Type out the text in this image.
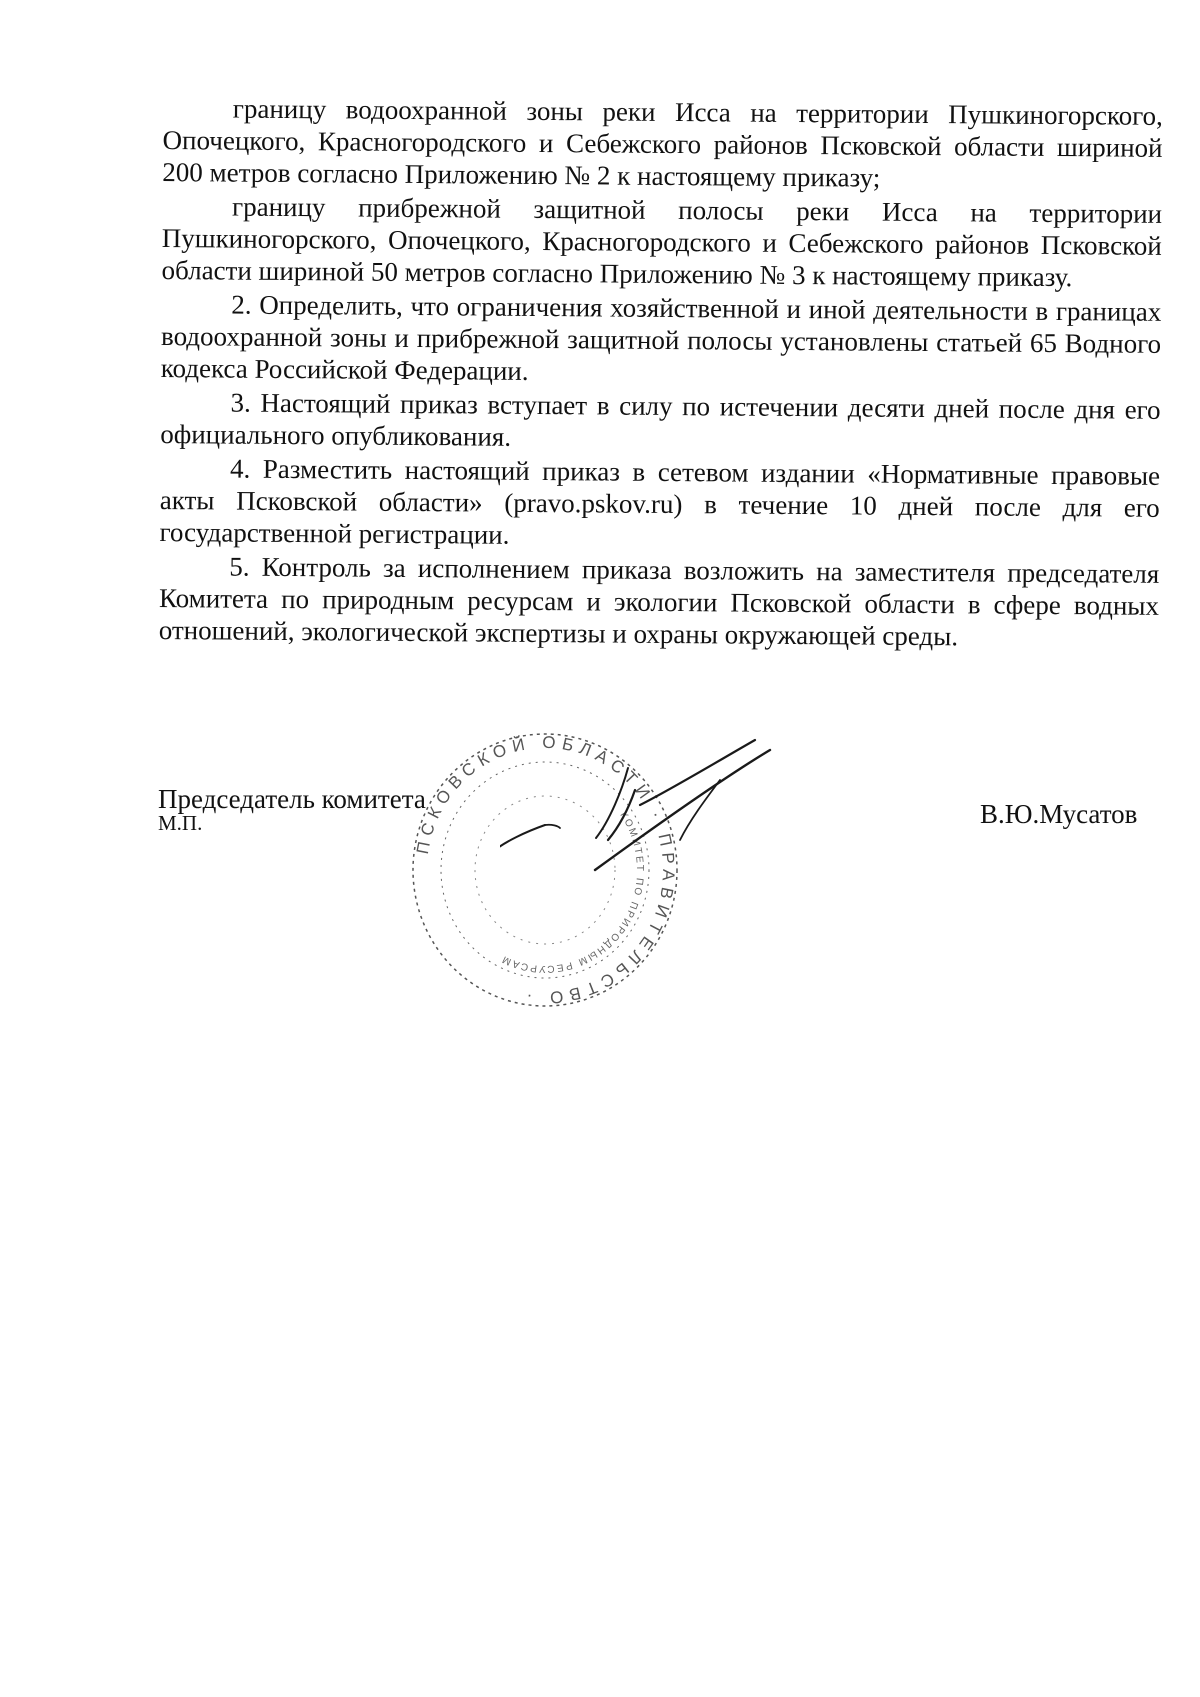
границу водоохранной зоны реки Исса на территории Пушкиногорского, Опочецкого, Красногородского и Себежского районов Псковской области шириной 200 метров согласно Приложению № 2 к настоящему приказу;

границу прибрежной защитной полосы реки Исса на территории Пушкиногорского, Опочецкого, Красногородского и Себежского районов Псковской области шириной 50 метров согласно Приложению № 3 к настоящему приказу.

2. Определить, что ограничения хозяйственной и иной деятельности в границах водоохранной зоны и прибрежной защитной полосы установлены статьей 65 Водного кодекса Российской Федерации.

3. Настоящий приказ вступает в силу по истечении десяти дней после дня его официального опубликования.

4. Разместить настоящий приказ в сетевом издании «Нормативные правовые акты Псковской области» (pravo.pskov.ru) в течение 10 дней после для его государственной регистрации.

5. Контроль за исполнением приказа возложить на заместителя председателя Комитета по природным ресурсам и экологии Псковской области в сфере водных отношений, экологической экспертизы и охраны окружающей среды.

Председатель комитета
М.П.	В.Ю.Мусатов
ПСКОВСКОЙ ОБЛАСТИ · ПРАВИТЕЛЬСТВО ·
КОМИТЕТ ПО ПРИРОДНЫМ РЕСУРСАМ
